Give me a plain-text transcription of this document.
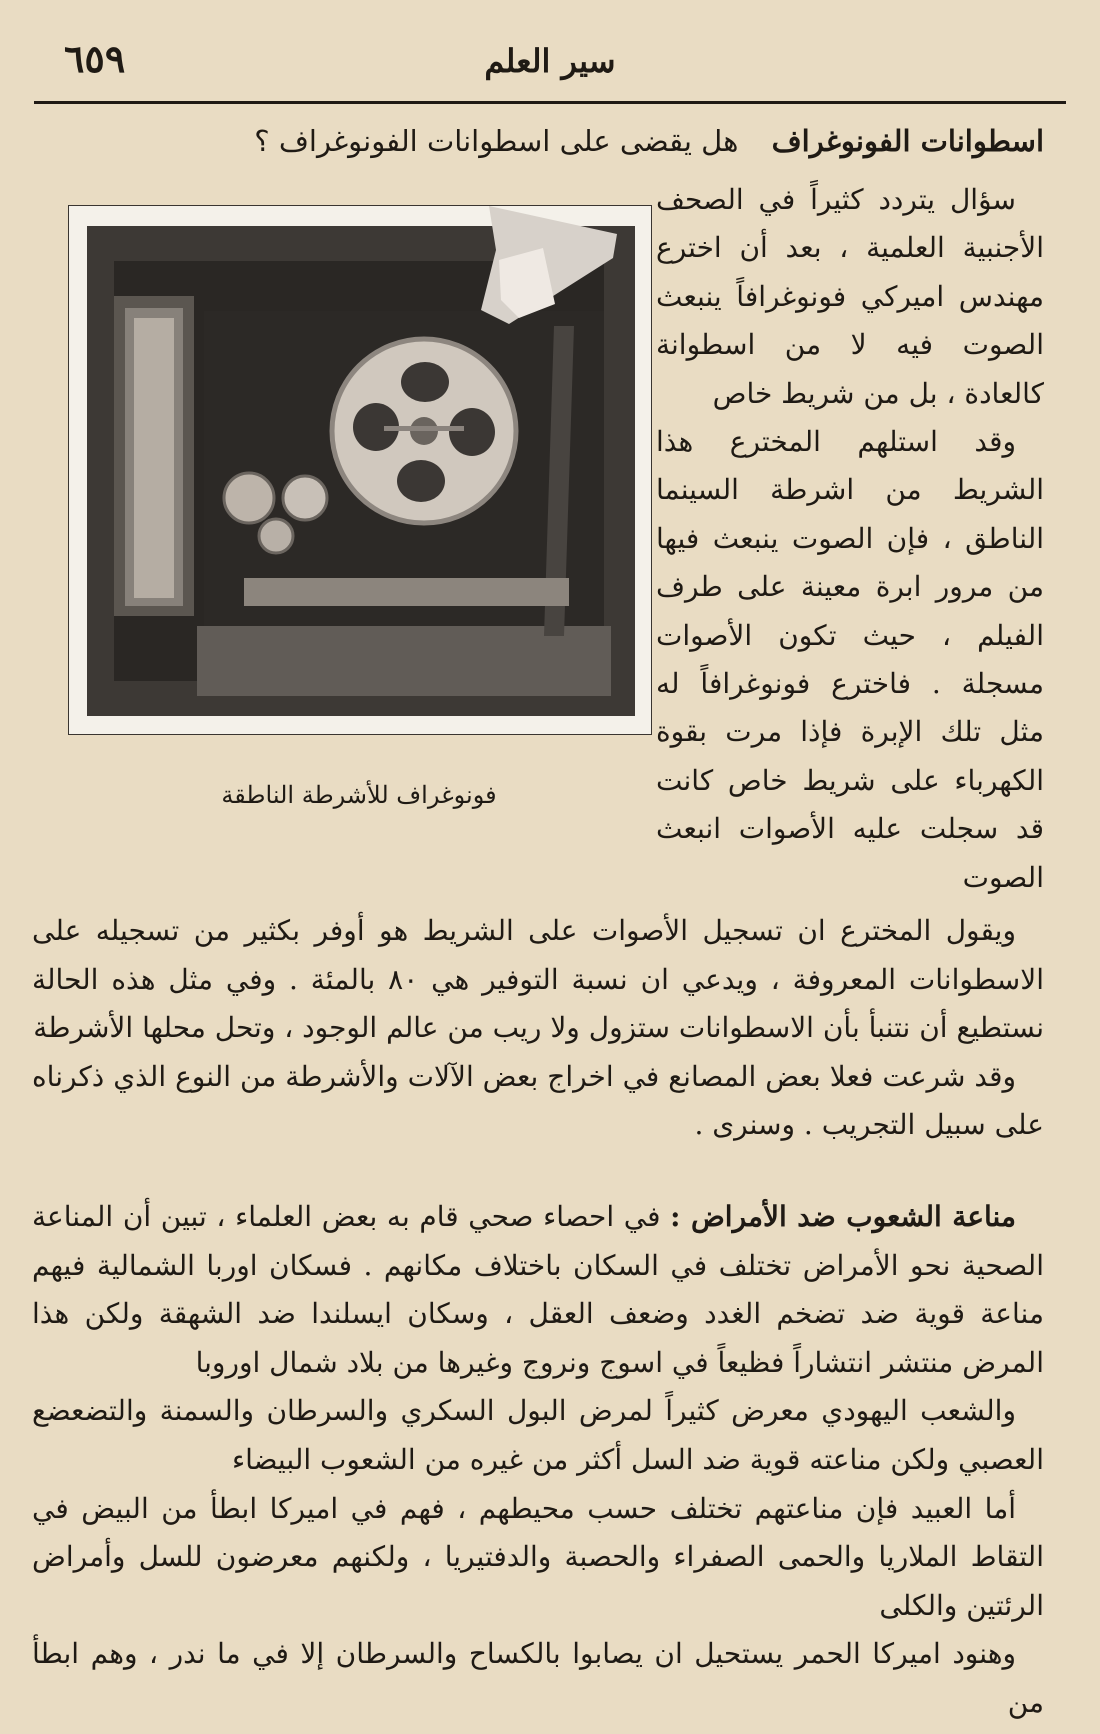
٦٥٩	سير العلم
اسطوانات الفونوغراف هل يقضى على اسطوانات الفونوغراف ؟

سؤال يتردد كثيراً في الصحف الأجنبية العلمية ، بعد أن اخترع مهندس اميركي فونوغرافاً ينبعث الصوت فيه لا من اسطوانة كالعادة ، بل من شريط خاص

وقد استلهم المخترع هذا الشريط من اشرطة السينما الناطق ، فإن الصوت ينبعث فيها من مرور ابرة معينة على طرف الفيلم ، حيث تكون الأصوات مسجلة . فاخترع فونوغرافاً له مثل تلك الإبرة فإذا مرت بقوة الكهرباء على شريط خاص كانت قد سجلت عليه الأصوات انبعث الصوت

فونوغراف للأشرطة الناطقة

ويقول المخترع ان تسجيل الأصوات على الشريط هو أوفر بكثير من تسجيله على الاسطوانات المعروفة ، ويدعي ان نسبة التوفير هي ٨٠ بالمئة . وفي مثل هذه الحالة نستطيع أن نتنبأ بأن الاسطوانات ستزول ولا ريب من عالم الوجود ، وتحل محلها الأشرطة

وقد شرعت فعلا بعض المصانع في اخراج بعض الآلات والأشرطة من النوع الذي ذكرناه على سبيل التجريب . وسنرى .

مناعة الشعوب ضد الأمراض : في احصاء صحي قام به بعض العلماء ، تبين أن المناعة الصحية نحو الأمراض تختلف في السكان باختلاف مكانهم . فسكان اوربا الشمالية فيهم مناعة قوية ضد تضخم الغدد وضعف العقل ، وسكان ايسلندا ضد الشهقة ولكن هذا المرض منتشر انتشاراً فظيعاً في اسوج ونروج وغيرها من بلاد شمال اوروبا

والشعب اليهودي معرض كثيراً لمرض البول السكري والسرطان والسمنة والتضعضع العصبي ولكن مناعته قوية ضد السل أكثر من غيره من الشعوب البيضاء

أما العبيد فإن مناعتهم تختلف حسب محيطهم ، فهم في اميركا ابطأ من البيض في التقاط الملاريا والحمى الصفراء والحصبة والدفتيريا ، ولكنهم معرضون للسل وأمراض الرئتين والكلى

وهنود اميركا الحمر يستحيل ان يصابوا بالكساح والسرطان إلا في ما ندر ، وهم ابطأ من
